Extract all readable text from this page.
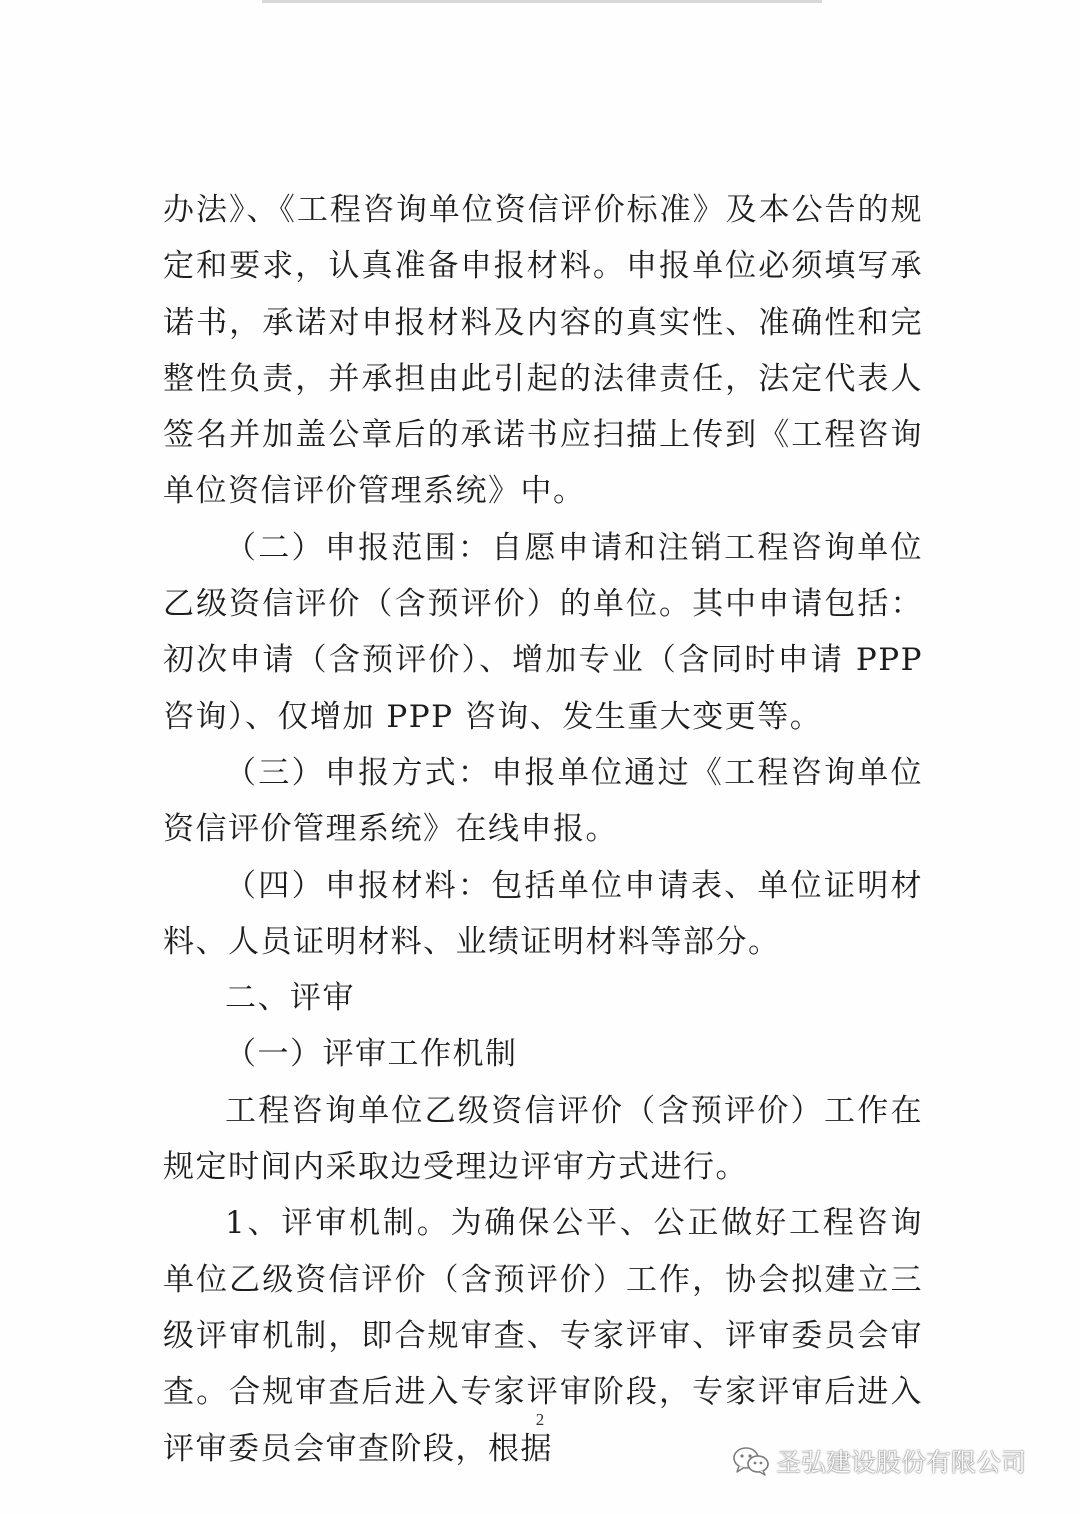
办法》、《工程咨询单位资信评价标准》及本公告的规定和要求，认真准备申报材料。申报单位必须填写承诺书，承诺对申报材料及内容的真实性、准确性和完整性负责，并承担由此引起的法律责任，法定代表人签名并加盖公章后的承诺书应扫描上传到《工程咨询单位资信评价管理系统》中。

（二）申报范围：自愿申请和注销工程咨询单位乙级资信评价（含预评价）的单位。其中申请包括：初次申请（含预评价）、增加专业（含同时申请 PPP 咨询）、仅增加 PPP 咨询、发生重大变更等。

（三）申报方式：申报单位通过《工程咨询单位资信评价管理系统》在线申报。

（四）申报材料：包括单位申请表、单位证明材料、人员证明材料、业绩证明材料等部分。

二、评审

（一）评审工作机制

工程咨询单位乙级资信评价（含预评价）工作在规定时间内采取边受理边评审方式进行。

1、评审机制。为确保公平、公正做好工程咨询单位乙级资信评价（含预评价）工作，协会拟建立三级评审机制，即合规审查、专家评审、评审委员会审查。合规审查后进入专家评审阶段，专家评审后进入评审委员会审查阶段，根据

2
圣弘建设股份有限公司
